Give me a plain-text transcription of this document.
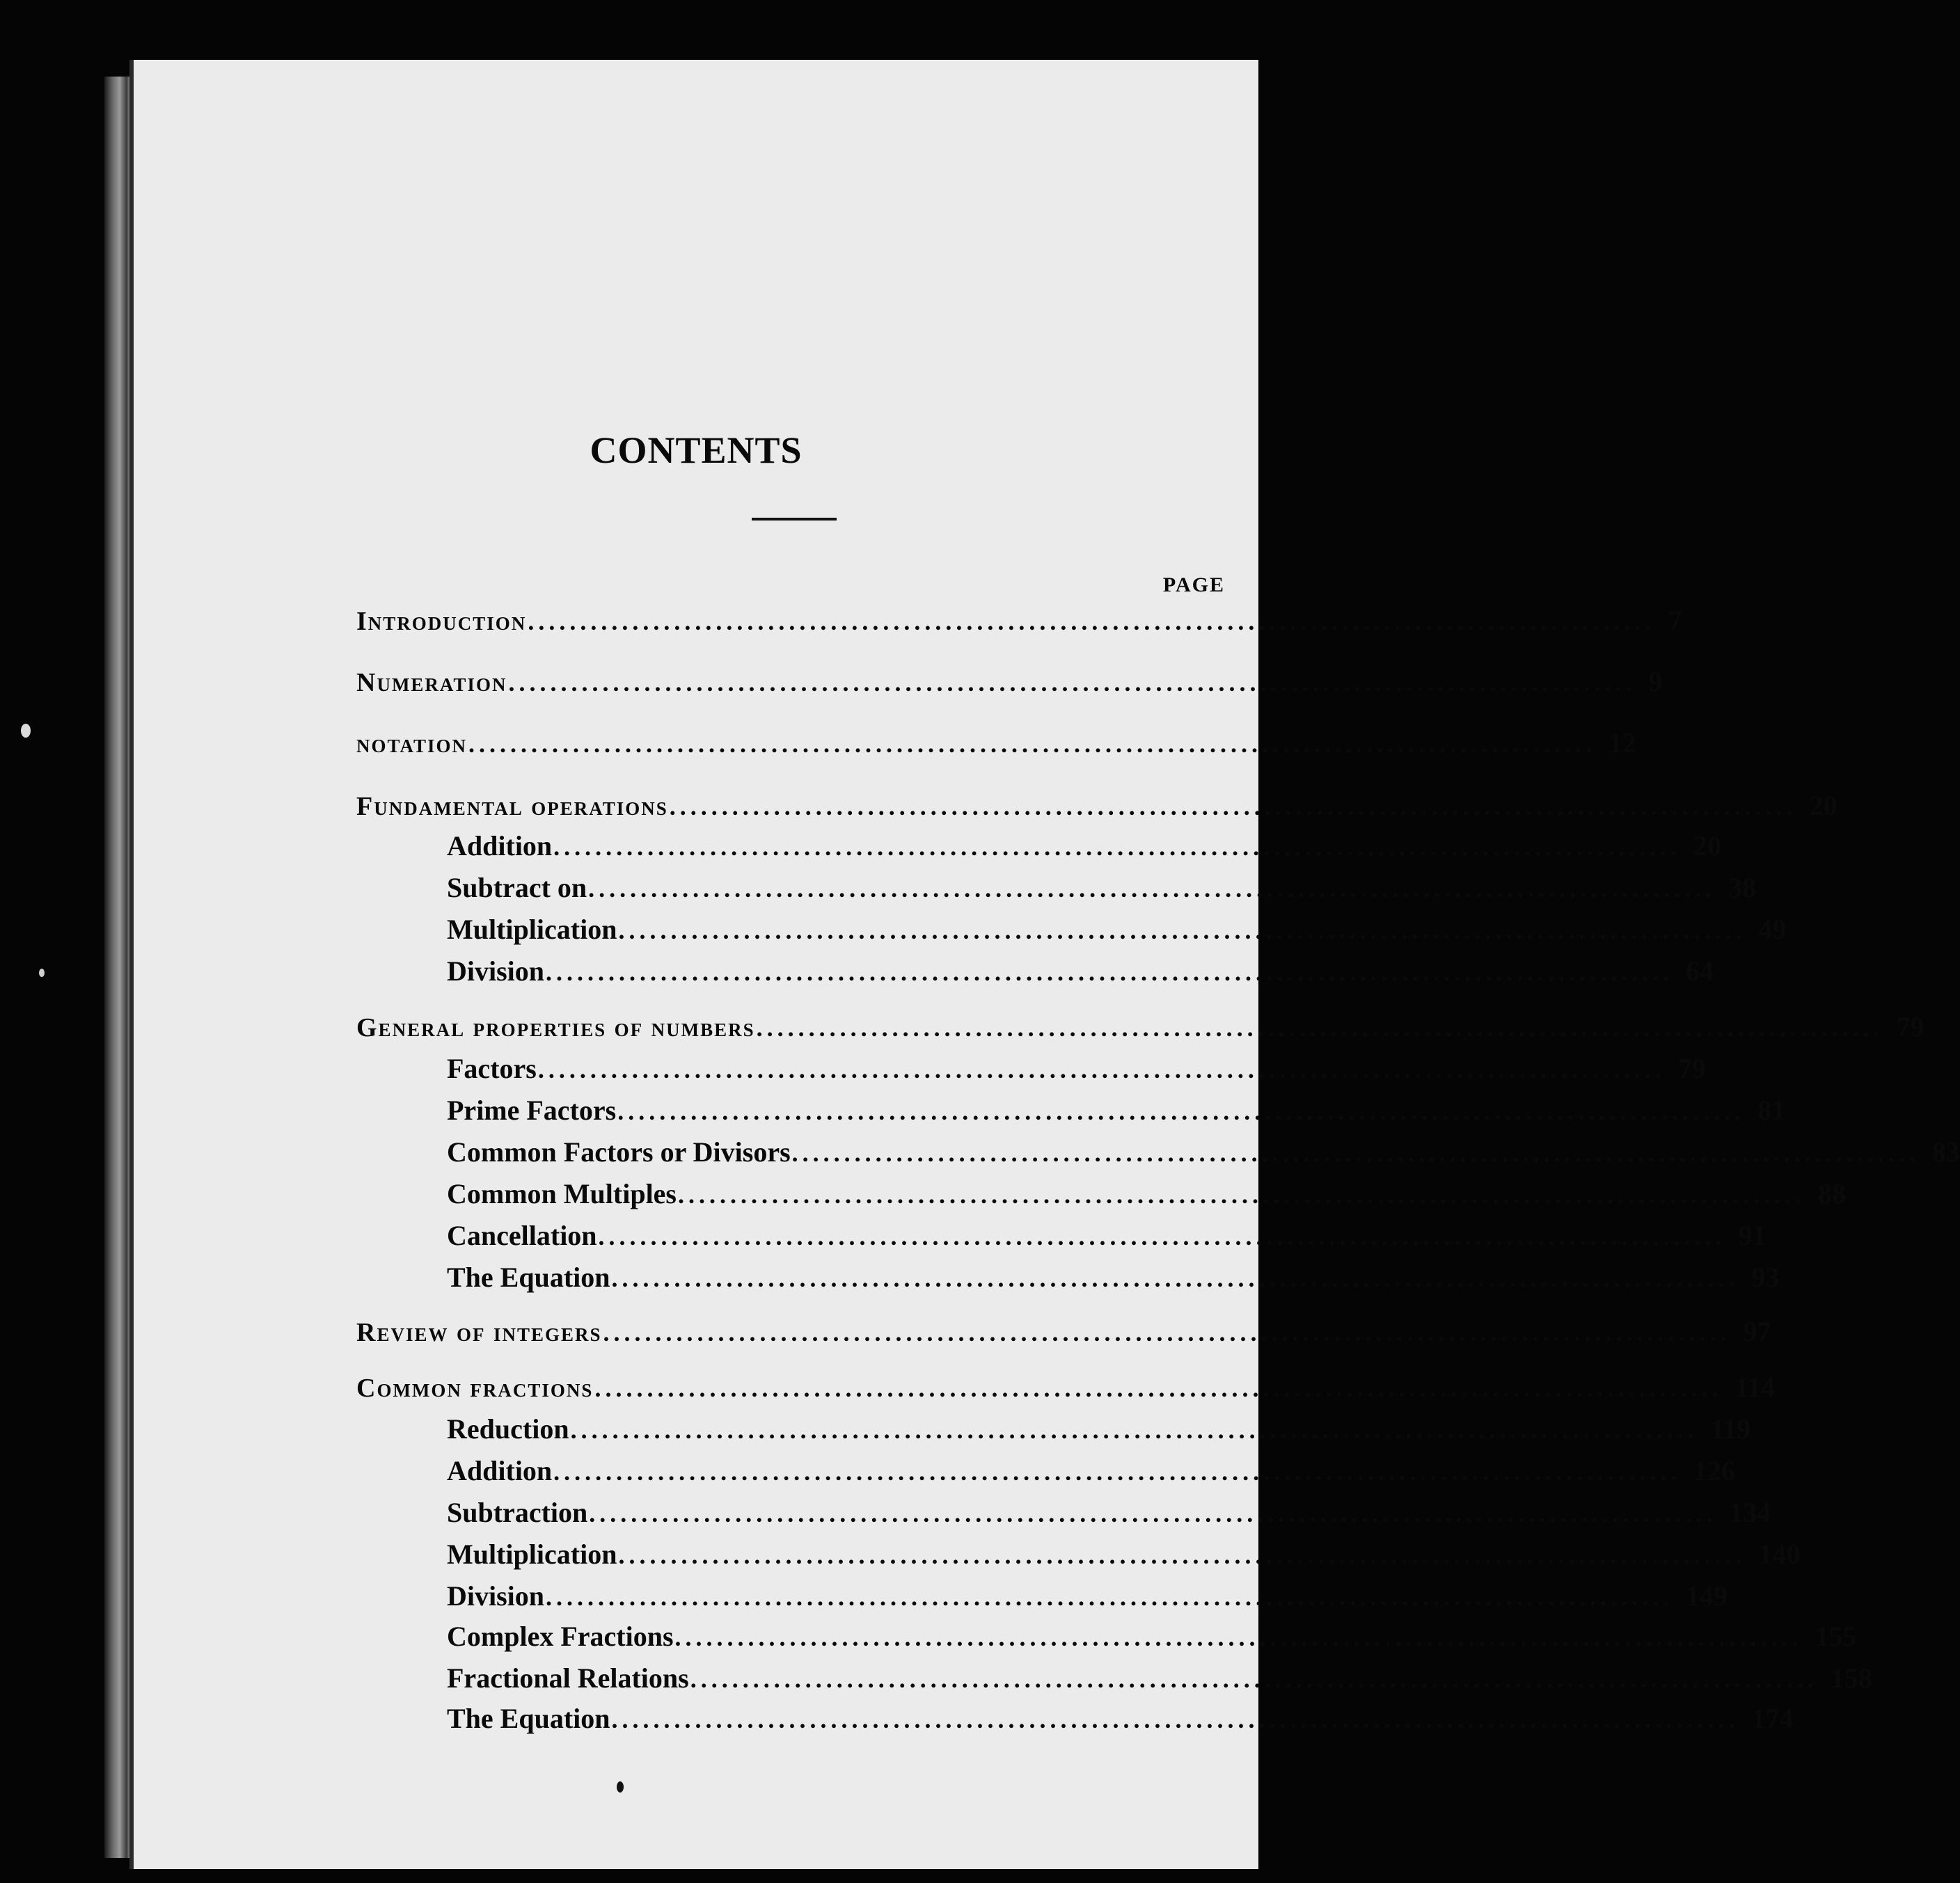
CONTENTS
PAGE
Introduction ............................................................................................................ 7
Numeration ............................................................................................................ 9
notation ............................................................................................................ 12
Fundamental operations ............................................................................................................ 20
Addition ............................................................................................................ 20
Subtract on ............................................................................................................ 38
Multiplication ............................................................................................................ 49
Division ............................................................................................................ 64
General properties of numbers ............................................................................................................ 79
Factors ............................................................................................................ 79
Prime Factors ............................................................................................................ 81
Common Factors or Divisors ............................................................................................................ 83
Common Multiples ............................................................................................................ 88
Cancellation ............................................................................................................ 91
The Equation ............................................................................................................ 93
Review of integers ............................................................................................................ 97
Common fractions ............................................................................................................ 114
Reduction ............................................................................................................ 119
Addition ............................................................................................................ 126
Subtraction ............................................................................................................ 134
Multiplication ............................................................................................................ 140
Division ............................................................................................................ 149
Complex Fractions ............................................................................................................ 155
Fractional Relations ............................................................................................................ 158
The Equation ............................................................................................................ 174
